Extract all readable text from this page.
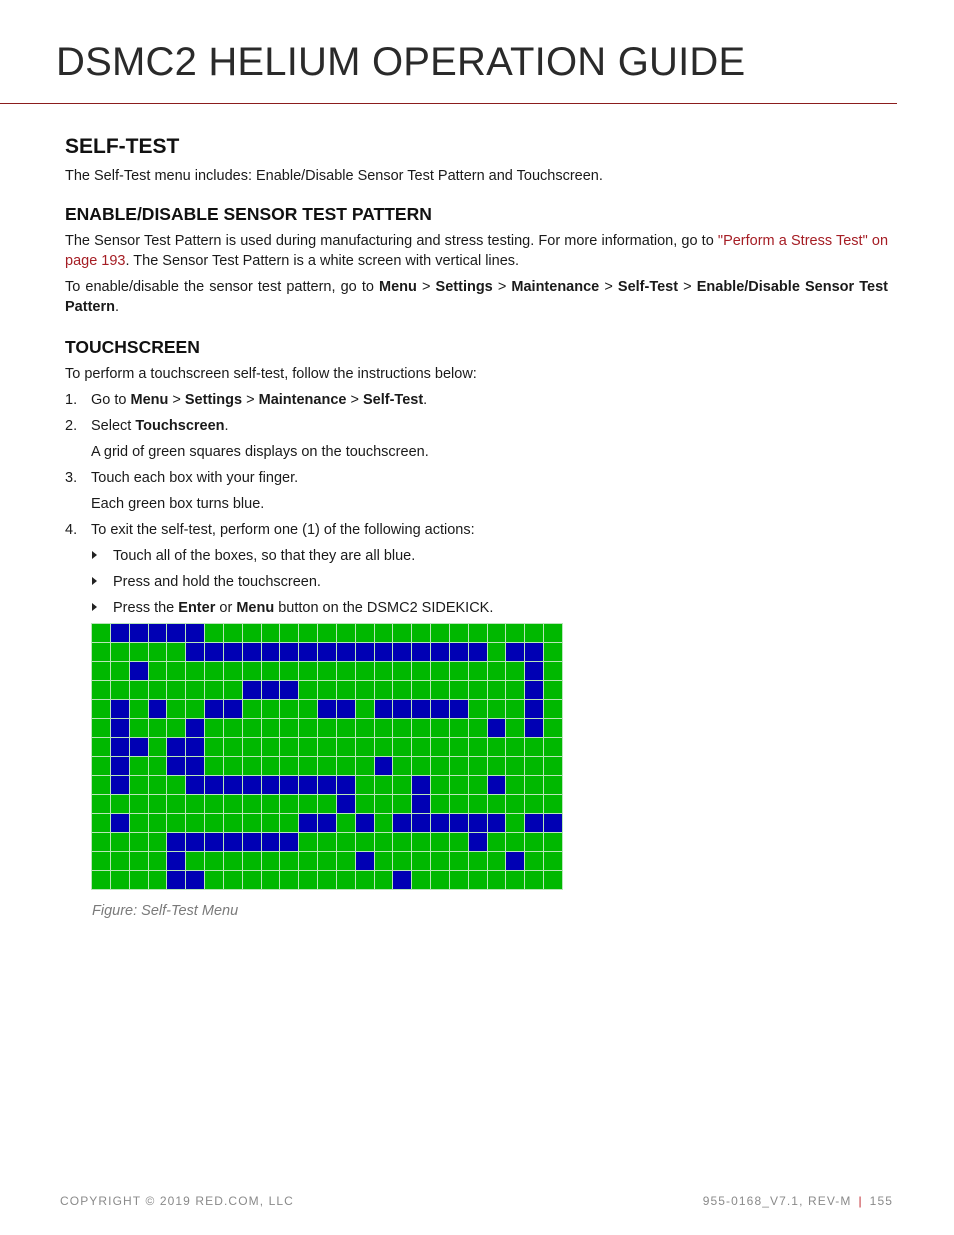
DSMC2 HELIUM OPERATION GUIDE
SELF-TEST

The Self-Test menu includes: Enable/Disable Sensor Test Pattern and Touchscreen.

ENABLE/DISABLE SENSOR TEST PATTERN

The Sensor Test Pattern is used during manufacturing and stress testing. For more information, go to "Perform a Stress Test" on page 193. The Sensor Test Pattern is a white screen with vertical lines.

To enable/disable the sensor test pattern, go to Menu > Settings > Maintenance > Self-Test > Enable/Disable Sensor Test Pattern.

TOUCHSCREEN

To perform a touchscreen self-test, follow the instructions below:

1. Go to Menu > Settings > Maintenance > Self-Test.
2. Select Touchscreen.
A grid of green squares displays on the touchscreen.
3. Touch each box with your finger.
Each green box turns blue.
4. To exit the self-test, perform one (1) of the following actions:
Touch all of the boxes, so that they are all blue.
Press and hold the touchscreen.
Press the Enter or Menu button on the DSMC2 SIDEKICK.
Figure: Self-Test Menu
COPYRIGHT © 2019 RED.COM, LLC	955-0168_V7.1, REV-M | 155
